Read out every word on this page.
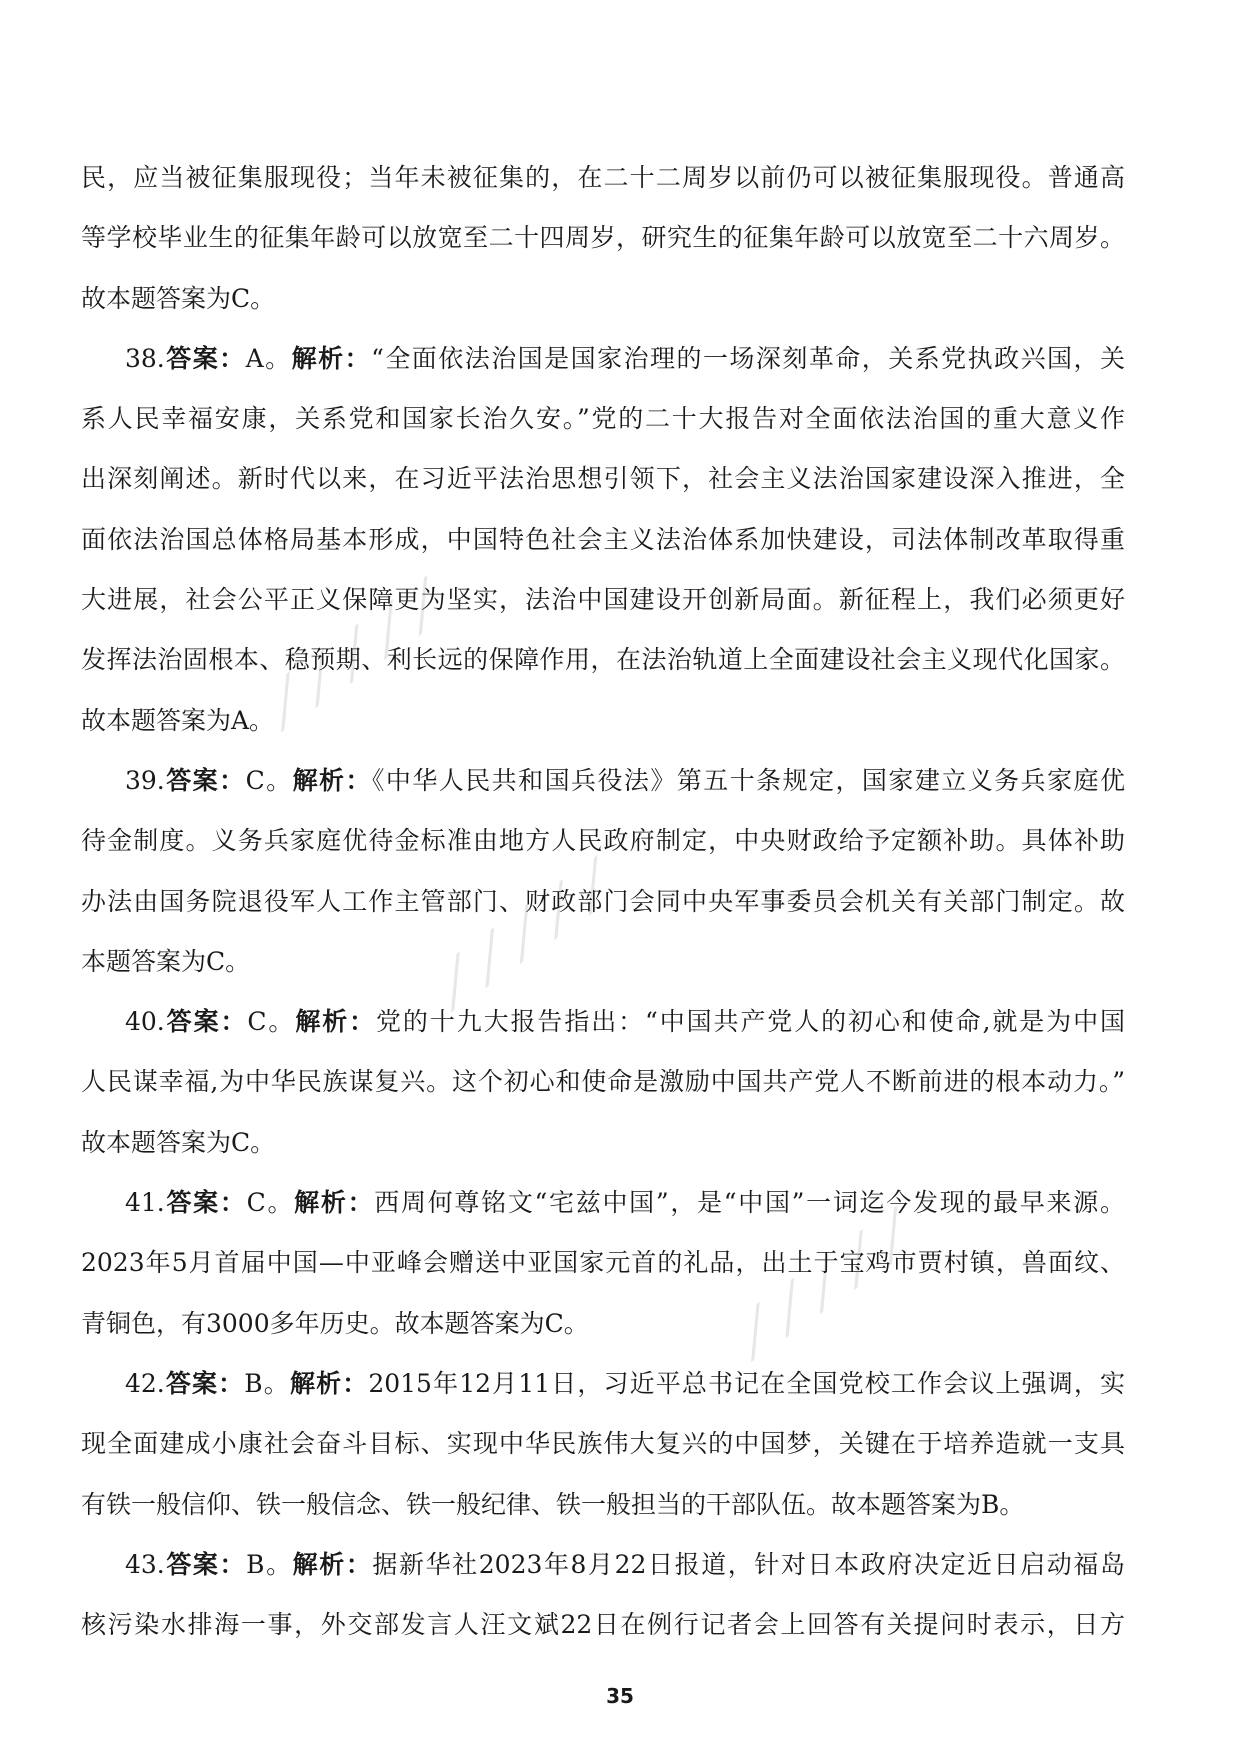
⟋⟋⟋⟋⟋
⟋⟋⟋⟋⟋
⟋⟋⟋⟋⟋
民，应当被征集服现役；当年未被征集的，在二十二周岁以前仍可以被征集服现役。普通高
等学校毕业生的征集年龄可以放宽至二十四周岁，研究生的征集年龄可以放宽至二十六周岁。
故本题答案为C。
38.答案：A。解析：“全面依法治国是国家治理的一场深刻革命，关系党执政兴国，关
系人民幸福安康，关系党和国家长治久安。”党的二十大报告对全面依法治国的重大意义作
出深刻阐述。新时代以来，在习近平法治思想引领下，社会主义法治国家建设深入推进，全
面依法治国总体格局基本形成，中国特色社会主义法治体系加快建设，司法体制改革取得重
大进展，社会公平正义保障更为坚实，法治中国建设开创新局面。新征程上，我们必须更好
发挥法治固根本、稳预期、利长远的保障作用，在法治轨道上全面建设社会主义现代化国家。
故本题答案为A。
39.答案：C。解析：《中华人民共和国兵役法》第五十条规定，国家建立义务兵家庭优
待金制度。义务兵家庭优待金标准由地方人民政府制定，中央财政给予定额补助。具体补助
办法由国务院退役军人工作主管部门、财政部门会同中央军事委员会机关有关部门制定。故
本题答案为C。
40.答案：C。解析：党的十九大报告指出：“中国共产党人的初心和使命,就是为中国
人民谋幸福,为中华民族谋复兴。这个初心和使命是激励中国共产党人不断前进的根本动力。”
故本题答案为C。
41.答案：C。解析：西周何尊铭文“宅兹中国”，是“中国”一词迄今发现的最早来源。
2023年5月首届中国—中亚峰会赠送中亚国家元首的礼品，出土于宝鸡市贾村镇，兽面纹、
青铜色，有3000多年历史。故本题答案为C。
42.答案：B。解析：2015年12月11日，习近平总书记在全国党校工作会议上强调，实
现全面建成小康社会奋斗目标、实现中华民族伟大复兴的中国梦，关键在于培养造就一支具
有铁一般信仰、铁一般信念、铁一般纪律、铁一般担当的干部队伍。故本题答案为B。
43.答案：B。解析：据新华社2023年8月22日报道，针对日本政府决定近日启动福岛
核污染水排海一事，外交部发言人汪文斌22日在例行记者会上回答有关提问时表示，日方
35
